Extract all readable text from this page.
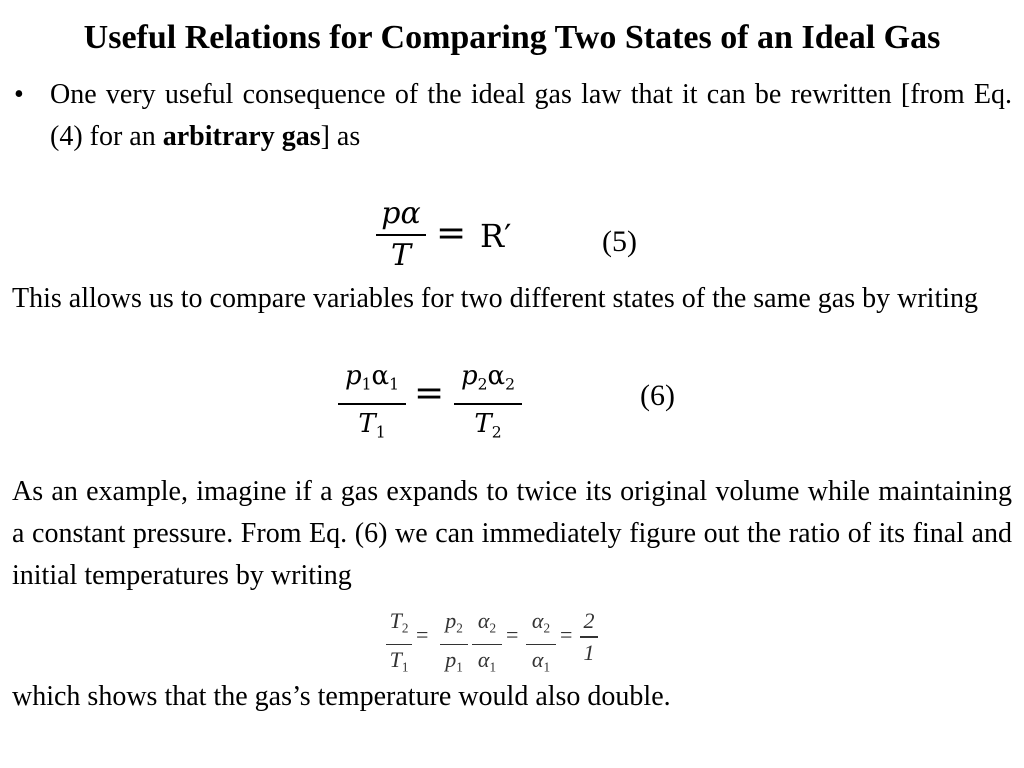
Useful Relations for Comparing Two States of an Ideal Gas
• One very useful consequence of the ideal gas law that it can be rewritten [from Eq. (4) for an arbitrary gas] as
pα
T
= R′	(5)
This allows us to compare variables for two different states of the same gas by writing
$p_1\alpha_1$
$T_1$
= $p_2\alpha_2$
$T_2$
(6)
As an example, imagine if a gas expands to twice its original volume while maintaining a constant pressure. From Eq. (6) we can immediately figure out the ratio of its final and initial temperatures by writing
$T_2$
$T_1$
=
$p_2$
$p_1$
$\alpha_2$
$\alpha_1$
=
$\alpha_2$
$\alpha_1$
=
2
1
which shows that the gas’s temperature would also double.
